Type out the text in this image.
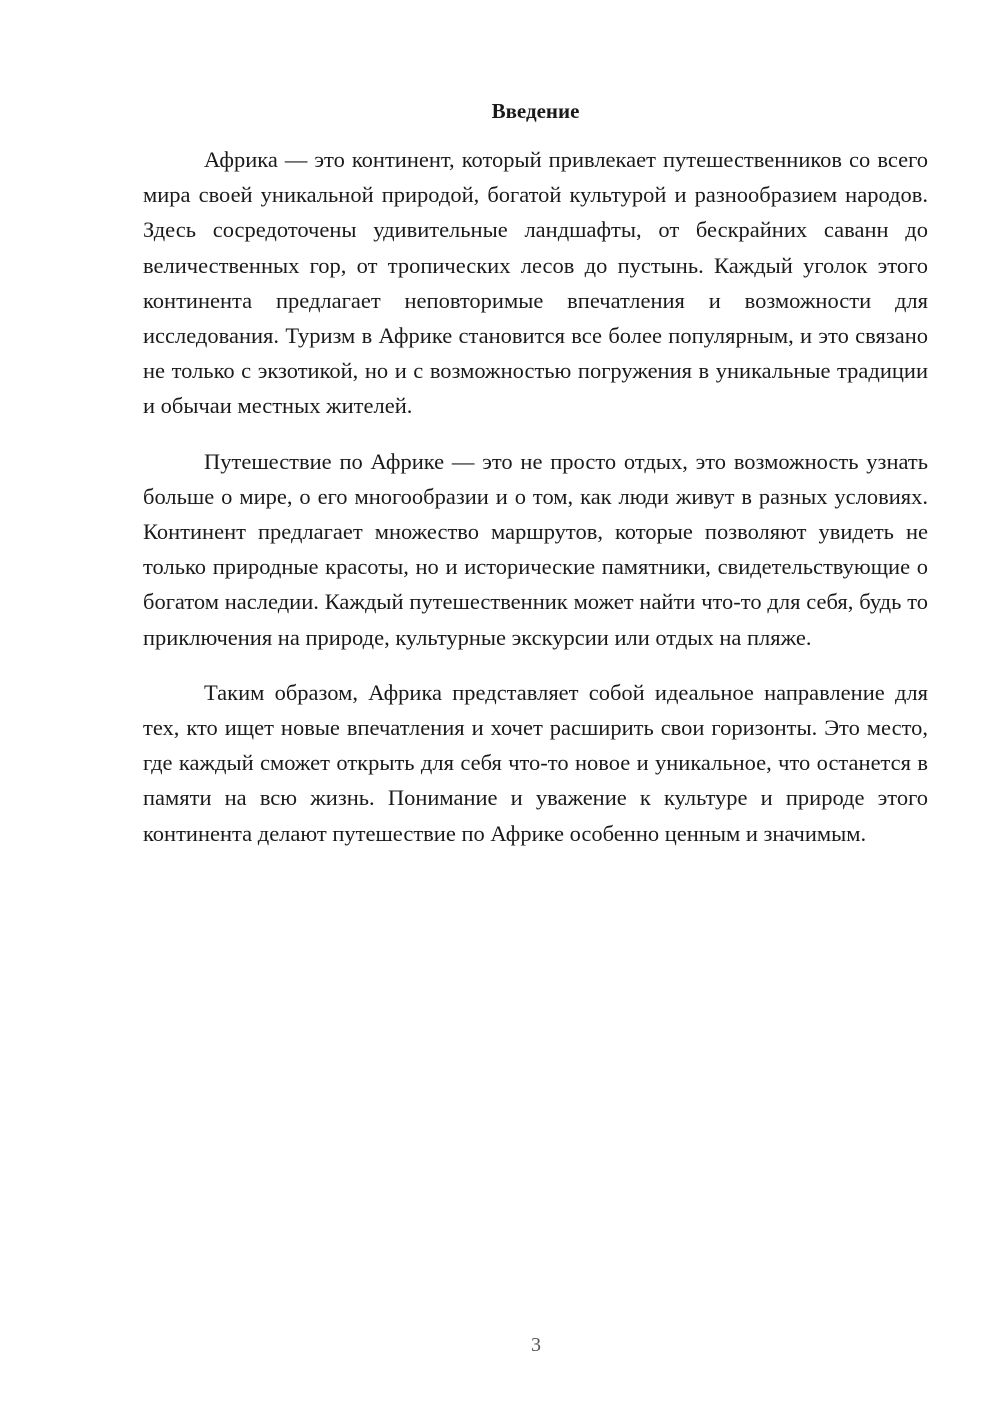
Введение

Африка — это континент, который привлекает путешественников со всего мира своей уникальной природой, богатой культурой и разнообразием народов. Здесь сосредоточены удивительные ландшафты, от бескрайних саванн до величественных гор, от тропических лесов до пустынь. Каждый уголок этого континента предлагает неповторимые впечатления и возможности для исследования. Туризм в Африке становится все более популярным, и это связано не только с экзотикой, но и с возможностью погружения в уникальные традиции и обычаи местных жителей.

Путешествие по Африке — это не просто отдых, это возможность узнать больше о мире, о его многообразии и о том, как люди живут в разных условиях. Континент предлагает множество маршрутов, которые позволяют увидеть не только природные красоты, но и исторические памятники, свидетельствующие о богатом наследии. Каждый путешественник может найти что-то для себя, будь то приключения на природе, культурные экскурсии или отдых на пляже.

Таким образом, Африка представляет собой идеальное направление для тех, кто ищет новые впечатления и хочет расширить свои горизонты. Это место, где каждый сможет открыть для себя что-то новое и уникальное, что останется в памяти на всю жизнь. Понимание и уважение к культуре и природе этого континента делают путешествие по Африке особенно ценным и значимым.

3
